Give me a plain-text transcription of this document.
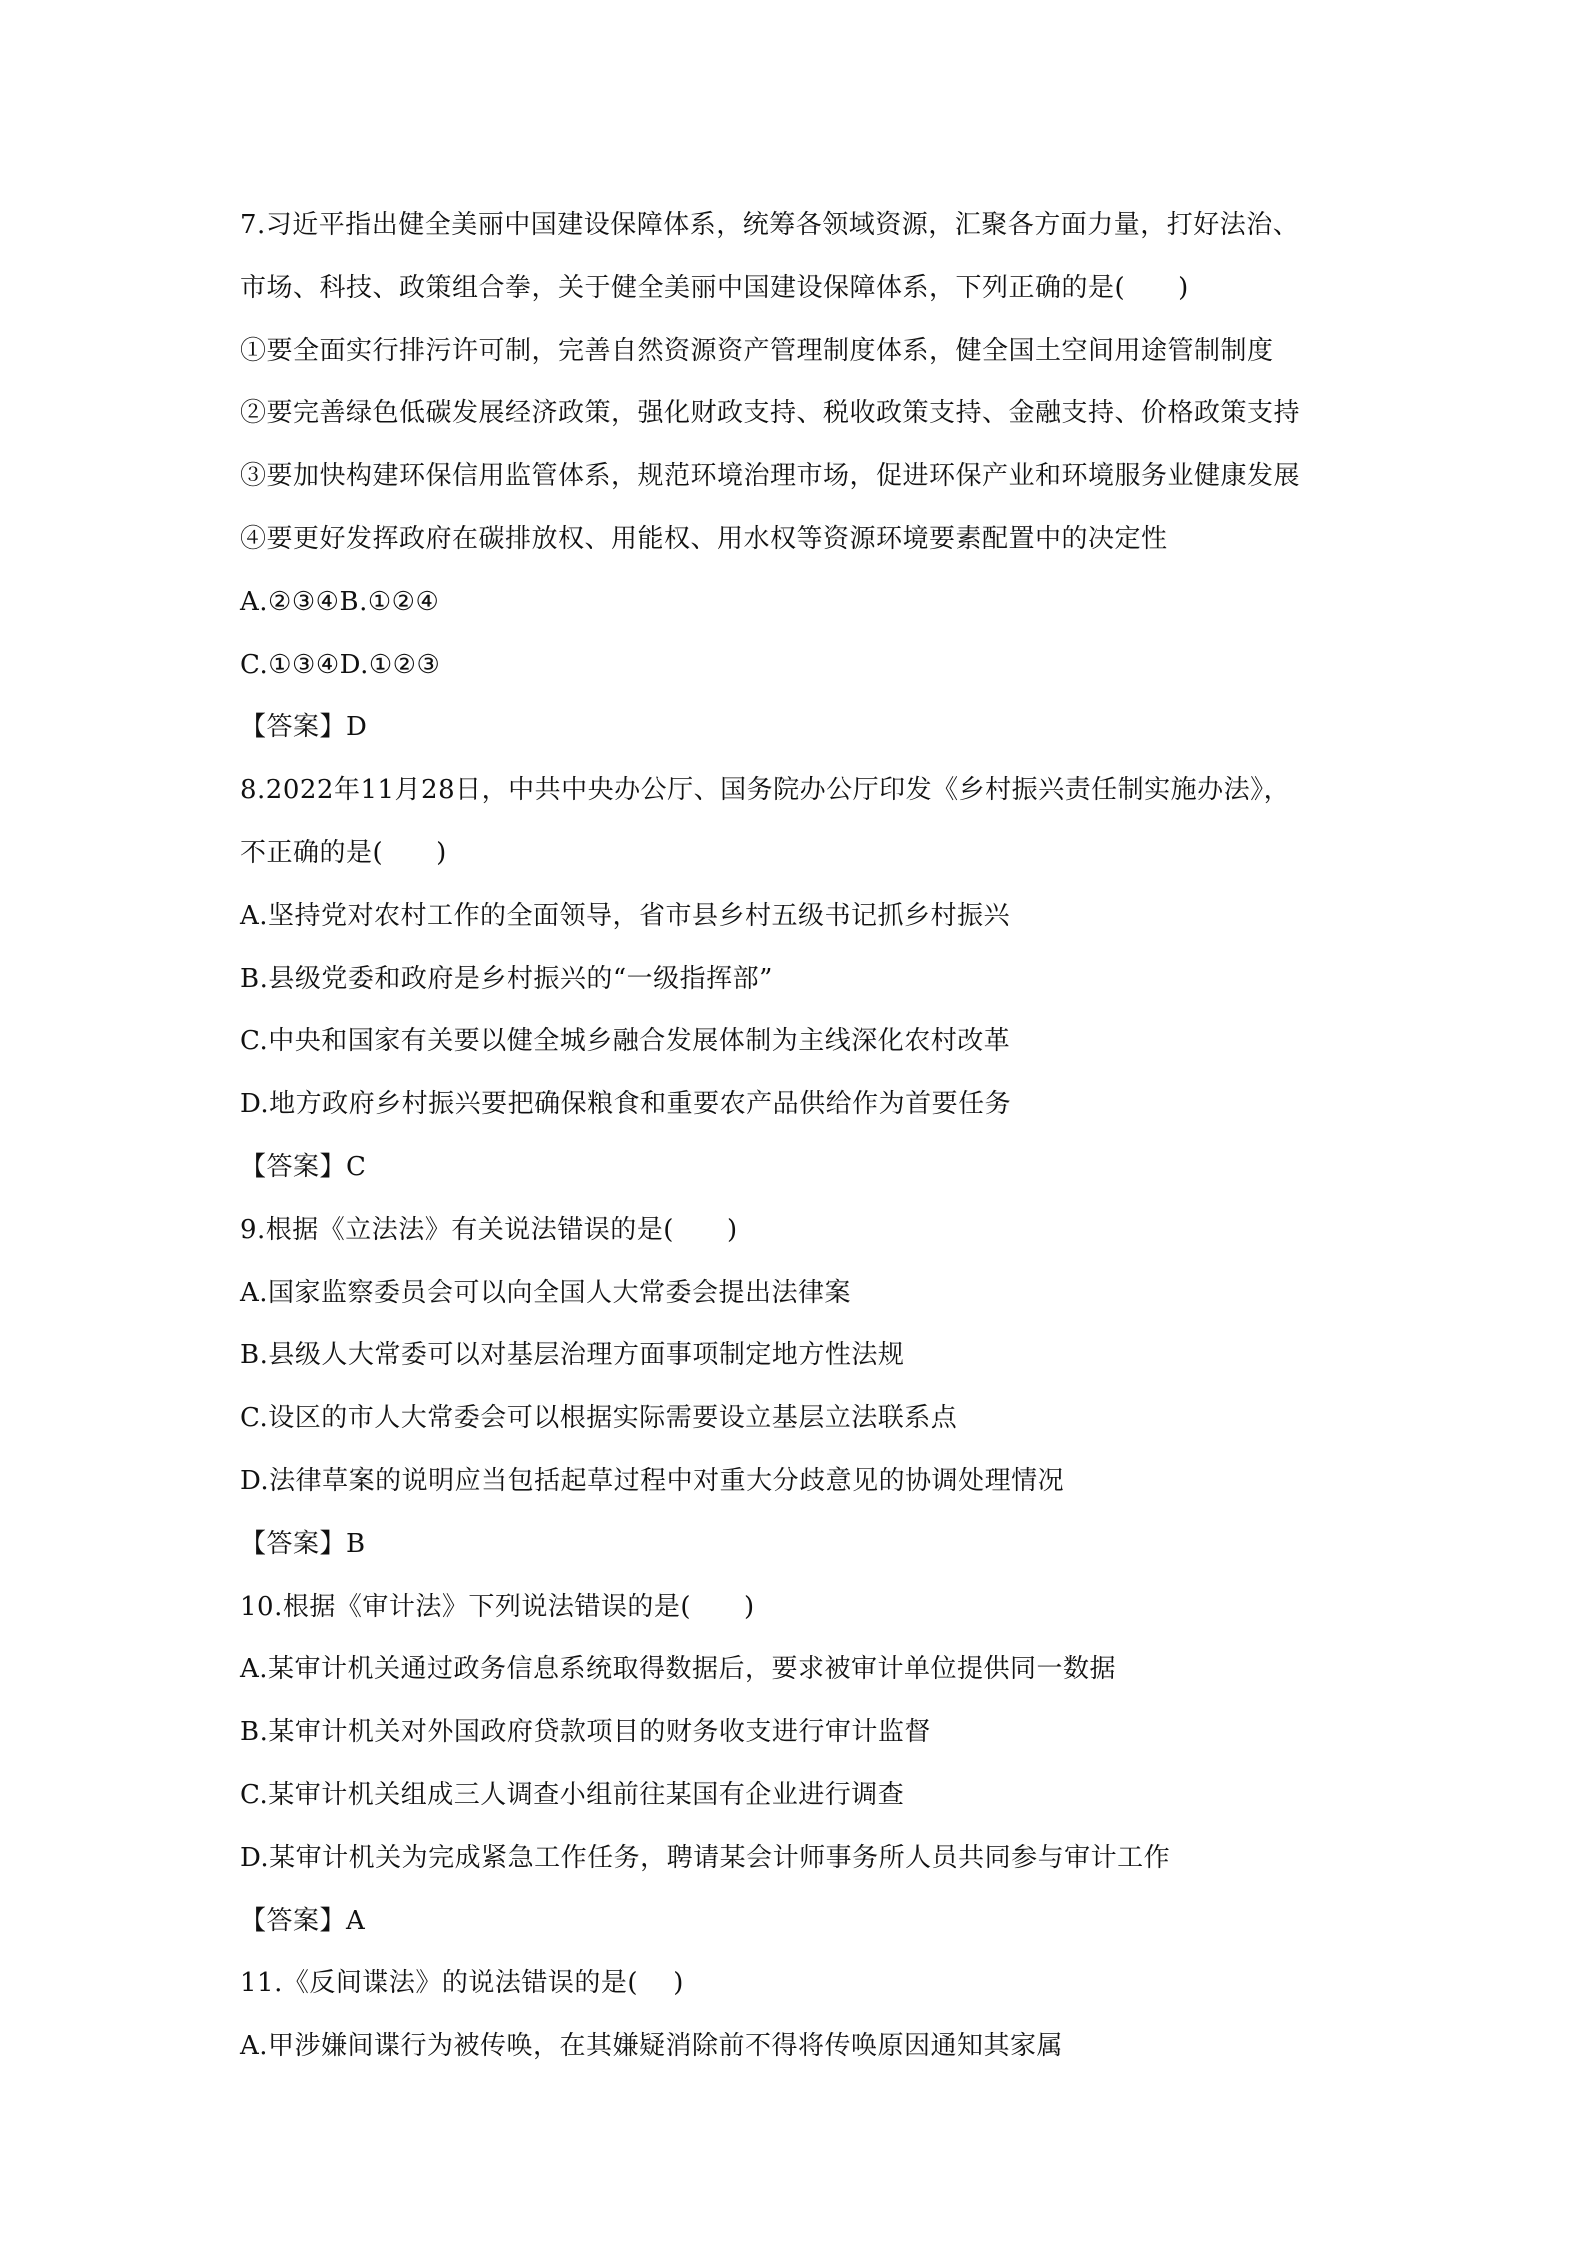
7.习近平指出健全美丽中国建设保障体系，统筹各领域资源，汇聚各方面力量，打好法治、
市场、科技、政策组合拳，关于健全美丽中国建设保障体系，下列正确的是(　　)
①要全面实行排污许可制，完善自然资源资产管理制度体系，健全国土空间用途管制制度
②要完善绿色低碳发展经济政策，强化财政支持、税收政策支持、金融支持、价格政策支持
③要加快构建环保信用监管体系，规范环境治理市场，促进环保产业和环境服务业健康发展
④要更好发挥政府在碳排放权、用能权、用水权等资源环境要素配置中的决定性
A.②③④B.①②④
C.①③④D.①②③
【答案】D
8.2022年11月28日，中共中央办公厅、国务院办公厅印发《乡村振兴责任制实施办法》，
不正确的是(　　)
A.坚持党对农村工作的全面领导，省市县乡村五级书记抓乡村振兴
B.县级党委和政府是乡村振兴的“一级指挥部”
C.中央和国家有关要以健全城乡融合发展体制为主线深化农村改革
D.地方政府乡村振兴要把确保粮食和重要农产品供给作为首要任务
【答案】C
9.根据《立法法》有关说法错误的是(　　)
A.国家监察委员会可以向全国人大常委会提出法律案
B.县级人大常委可以对基层治理方面事项制定地方性法规
C.设区的市人大常委会可以根据实际需要设立基层立法联系点
D.法律草案的说明应当包括起草过程中对重大分歧意见的协调处理情况
【答案】B
10.根据《审计法》下列说法错误的是(　　)
A.某审计机关通过政务信息系统取得数据后，要求被审计单位提供同一数据
B.某审计机关对外国政府贷款项目的财务收支进行审计监督
C.某审计机关组成三人调查小组前往某国有企业进行调查
D.某审计机关为完成紧急工作任务，聘请某会计师事务所人员共同参与审计工作
【答案】A
11.《反间谍法》的说法错误的是(　 )
A.甲涉嫌间谍行为被传唤，在其嫌疑消除前不得将传唤原因通知其家属
